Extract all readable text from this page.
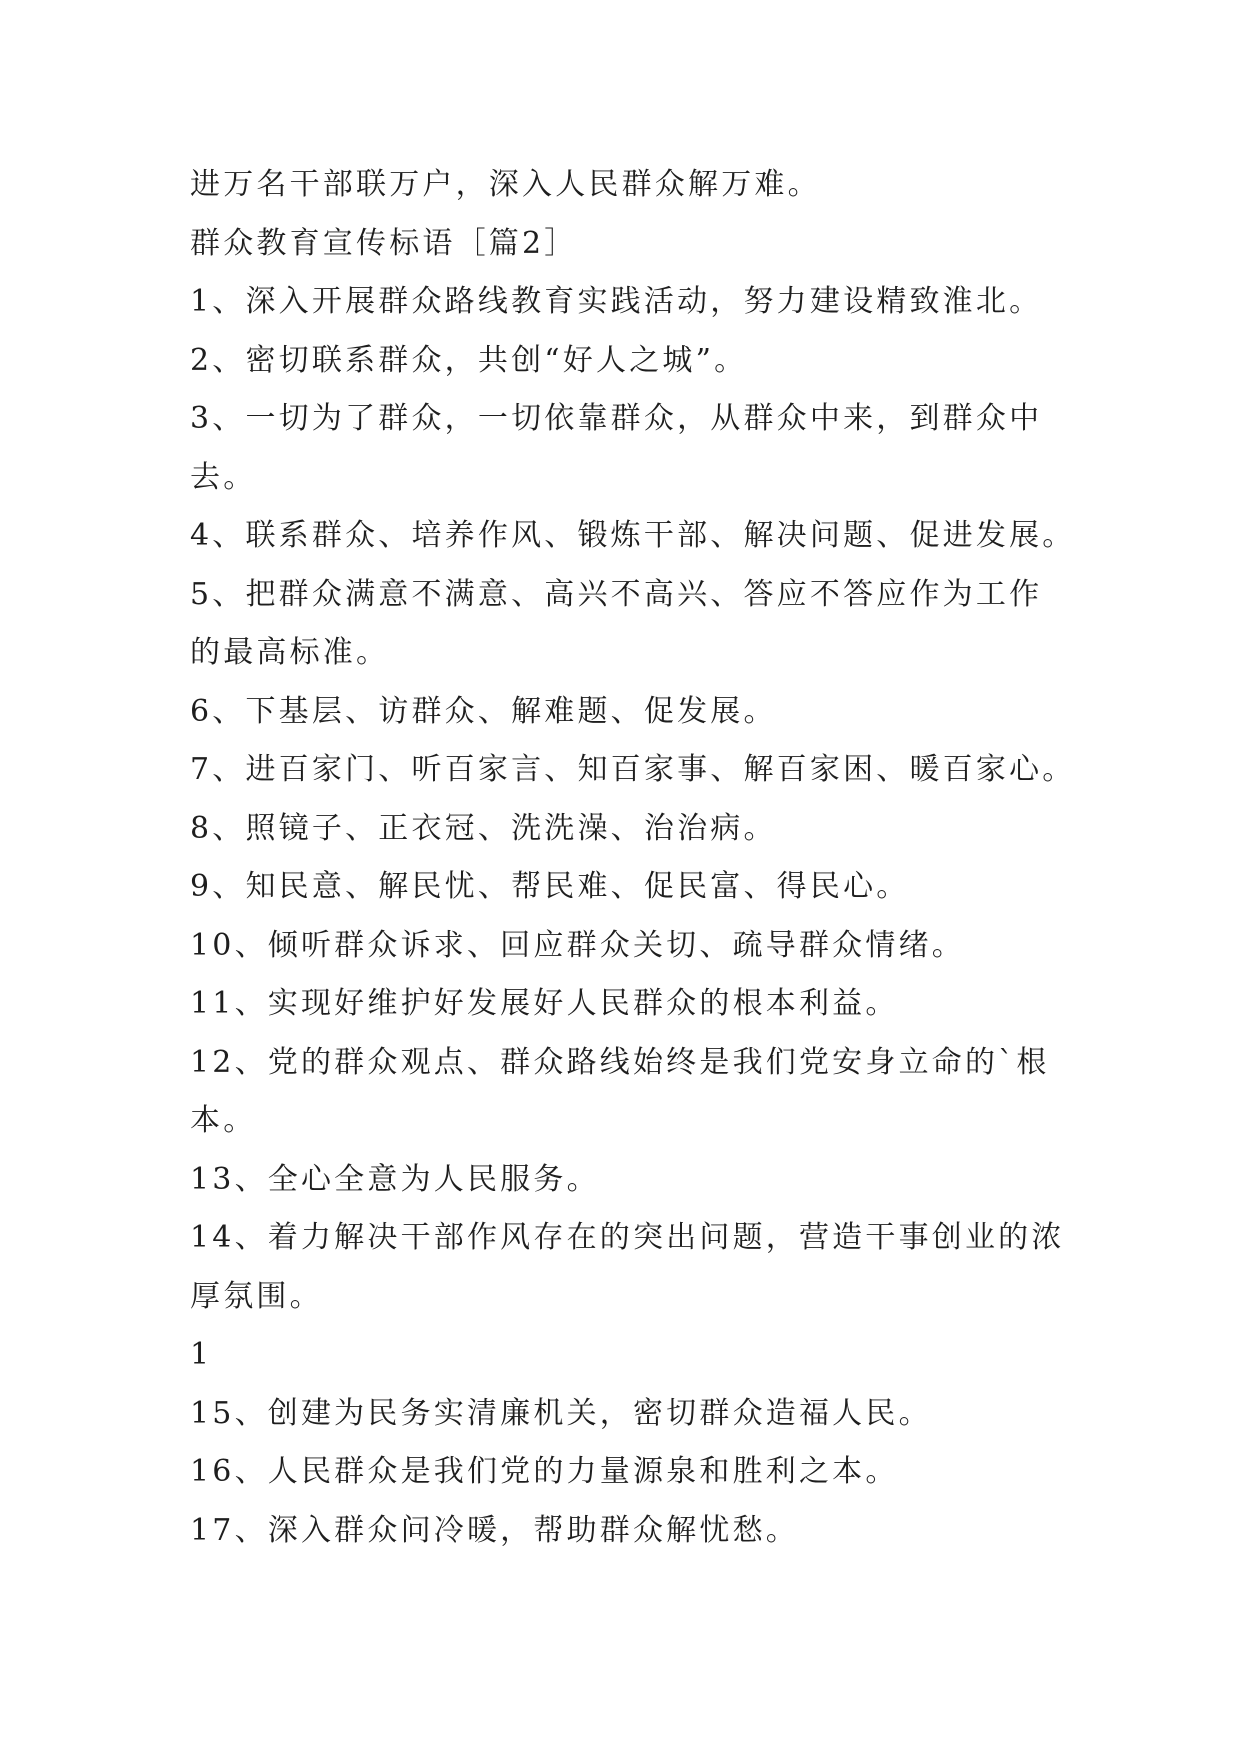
进万名干部联万户，深入人民群众解万难。
群众教育宣传标语［篇2］
1、深入开展群众路线教育实践活动，努力建设精致淮北。
2、密切联系群众，共创“好人之城”。
3、一切为了群众，一切依靠群众，从群众中来，到群众中
去。
4、联系群众、培养作风、锻炼干部、解决问题、促进发展。
5、把群众满意不满意、高兴不高兴、答应不答应作为工作
的最高标准。
6、下基层、访群众、解难题、促发展。
7、进百家门、听百家言、知百家事、解百家困、暖百家心。
8、照镜子、正衣冠、洗洗澡、治治病。
9、知民意、解民忧、帮民难、促民富、得民心。
10、倾听群众诉求、回应群众关切、疏导群众情绪。
11、实现好维护好发展好人民群众的根本利益。
12、党的群众观点、群众路线始终是我们党安身立命的`根
本。
13、全心全意为人民服务。
14、着力解决干部作风存在的突出问题，营造干事创业的浓
厚氛围。
1
15、创建为民务实清廉机关，密切群众造福人民。
16、人民群众是我们党的力量源泉和胜利之本。
17、深入群众问冷暖，帮助群众解忧愁。
